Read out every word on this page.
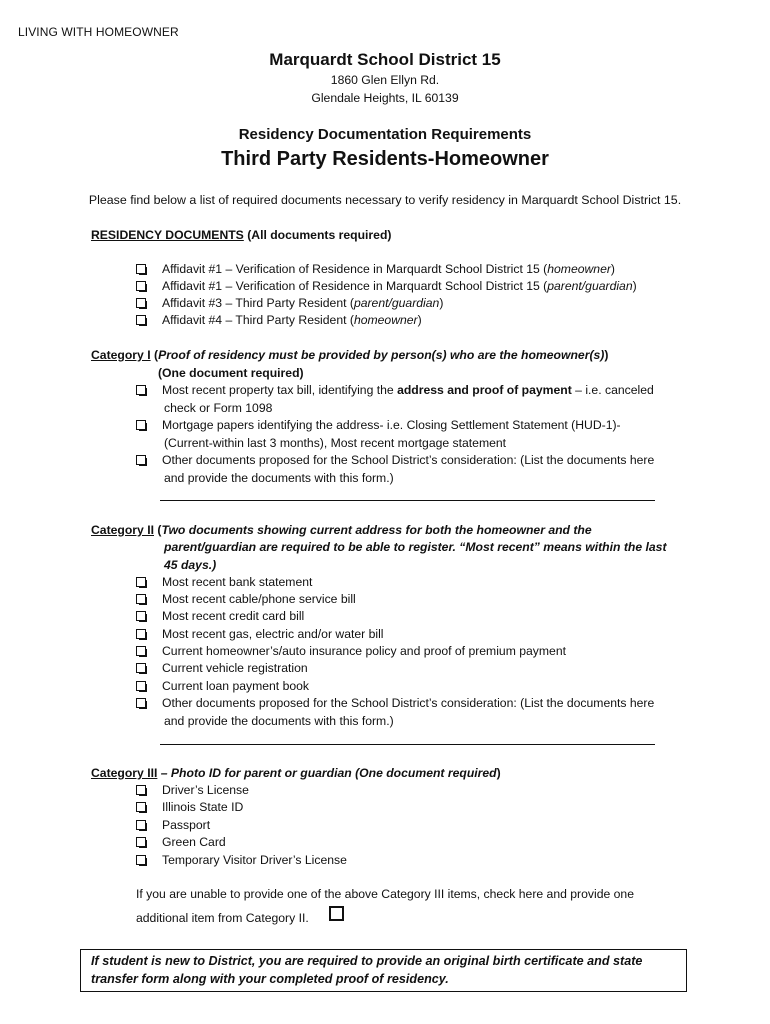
LIVING WITH HOMEOWNER
Marquardt School District 15
1860 Glen Ellyn Rd.
Glendale Heights, IL 60139
Residency Documentation Requirements
Third Party Residents-Homeowner
Please find below a list of required documents necessary to verify residency in Marquardt School District 15.
RESIDENCY DOCUMENTS (All documents required)
Affidavit #1 – Verification of Residence in Marquardt School District 15 (homeowner)
Affidavit #1 – Verification of Residence in Marquardt School District 15 (parent/guardian)
Affidavit #3 – Third Party Resident (parent/guardian)
Affidavit #4 – Third Party Resident (homeowner)
Category I (Proof of residency must be provided by person(s) who are the homeowner(s))
(One document required)
Most recent property tax bill, identifying the address and proof of payment – i.e. canceled
check or Form 1098
Mortgage papers identifying the address- i.e. Closing Settlement Statement (HUD-1)-
(Current-within last 3 months), Most recent mortgage statement
Other documents proposed for the School District’s consideration: (List the documents here
and provide the documents with this form.)
Category II (Two documents showing current address for both the homeowner and the
parent/guardian are required to be able to register. “Most recent” means within the last
45 days.)
Most recent bank statement
Most recent cable/phone service bill
Most recent credit card bill
Most recent gas, electric and/or water bill
Current homeowner’s/auto insurance policy and proof of premium payment
Current vehicle registration
Current loan payment book
Other documents proposed for the School District’s consideration: (List the documents here
and provide the documents with this form.)
Category III – Photo ID for parent or guardian (One document required)
Driver’s License
Illinois State ID
Passport
Green Card
Temporary Visitor Driver’s License
If you are unable to provide one of the above Category III items, check here and provide one
additional item from Category II.
If student is new to District, you are required to provide an original birth certificate and state
transfer form along with your completed proof of residency.
